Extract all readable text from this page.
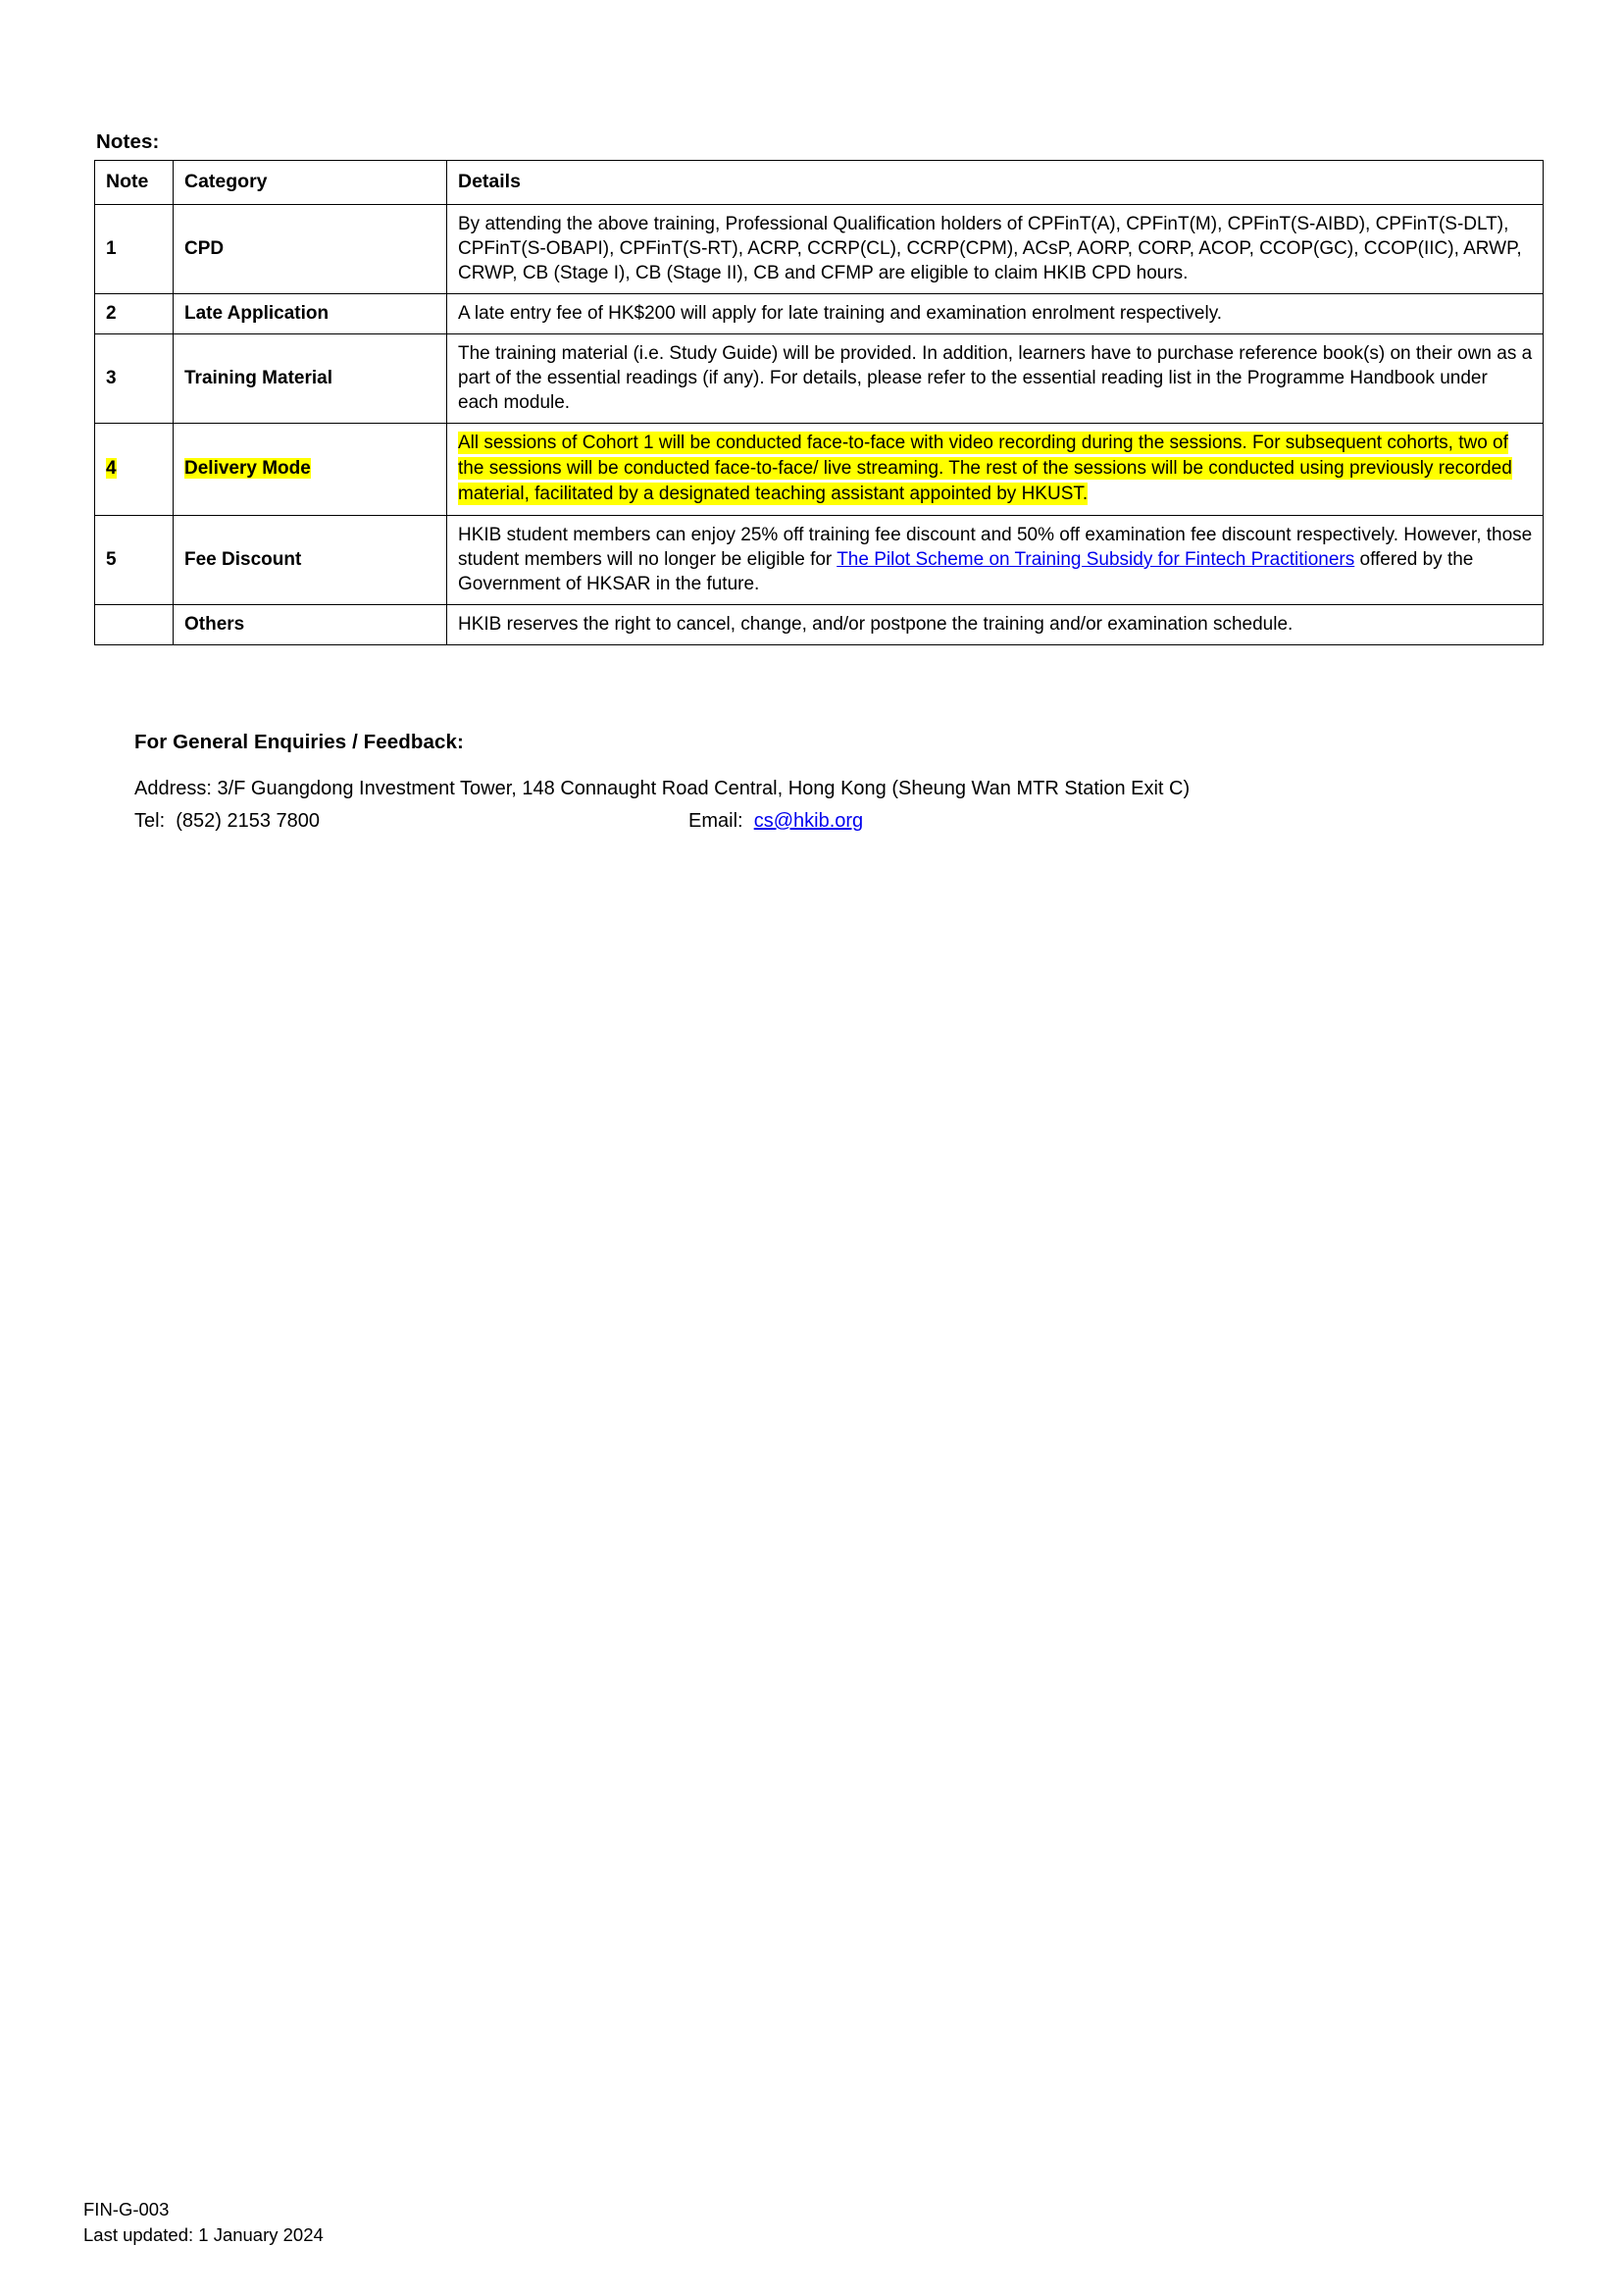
Notes:
Note	Category	Details
1	CPD	By attending the above training, Professional Qualification holders of CPFinT(A), CPFinT(M), CPFinT(S-AIBD), CPFinT(S-DLT), CPFinT(S-OBAPI), CPFinT(S-RT), ACRP, CCRP(CL), CCRP(CPM), ACsP, AORP, CORP, ACOP, CCOP(GC), CCOP(IIC), ARWP, CRWP, CB (Stage I), CB (Stage II), CB and CFMP are eligible to claim HKIB CPD hours.
2	Late Application	A late entry fee of HK$200 will apply for late training and examination enrolment respectively.
3	Training Material	The training material (i.e. Study Guide) will be provided. In addition, learners have to purchase reference book(s) on their own as a part of the essential readings (if any). For details, please refer to the essential reading list in the Programme Handbook under each module.
4	Delivery Mode	All sessions of Cohort 1 will be conducted face-to-face with video recording during the sessions. For subsequent cohorts, two of the sessions will be conducted face-to-face/ live streaming. The rest of the sessions will be conducted using previously recorded material, facilitated by a designated teaching assistant appointed by HKUST.
5	Fee Discount	HKIB student members can enjoy 25% off training fee discount and 50% off examination fee discount respectively. However, those student members will no longer be eligible for The Pilot Scheme on Training Subsidy for Fintech Practitioners offered by the Government of HKSAR in the future.
	Others	HKIB reserves the right to cancel, change, and/or postpone the training and/or examination schedule.
For General Enquiries / Feedback:
Address: 3/F Guangdong Investment Tower, 148 Connaught Road Central, Hong Kong (Sheung Wan MTR Station Exit C)
Tel: (852) 2153 7800	Email: cs@hkib.org
FIN-G-003
Last updated: 1 January 2024
